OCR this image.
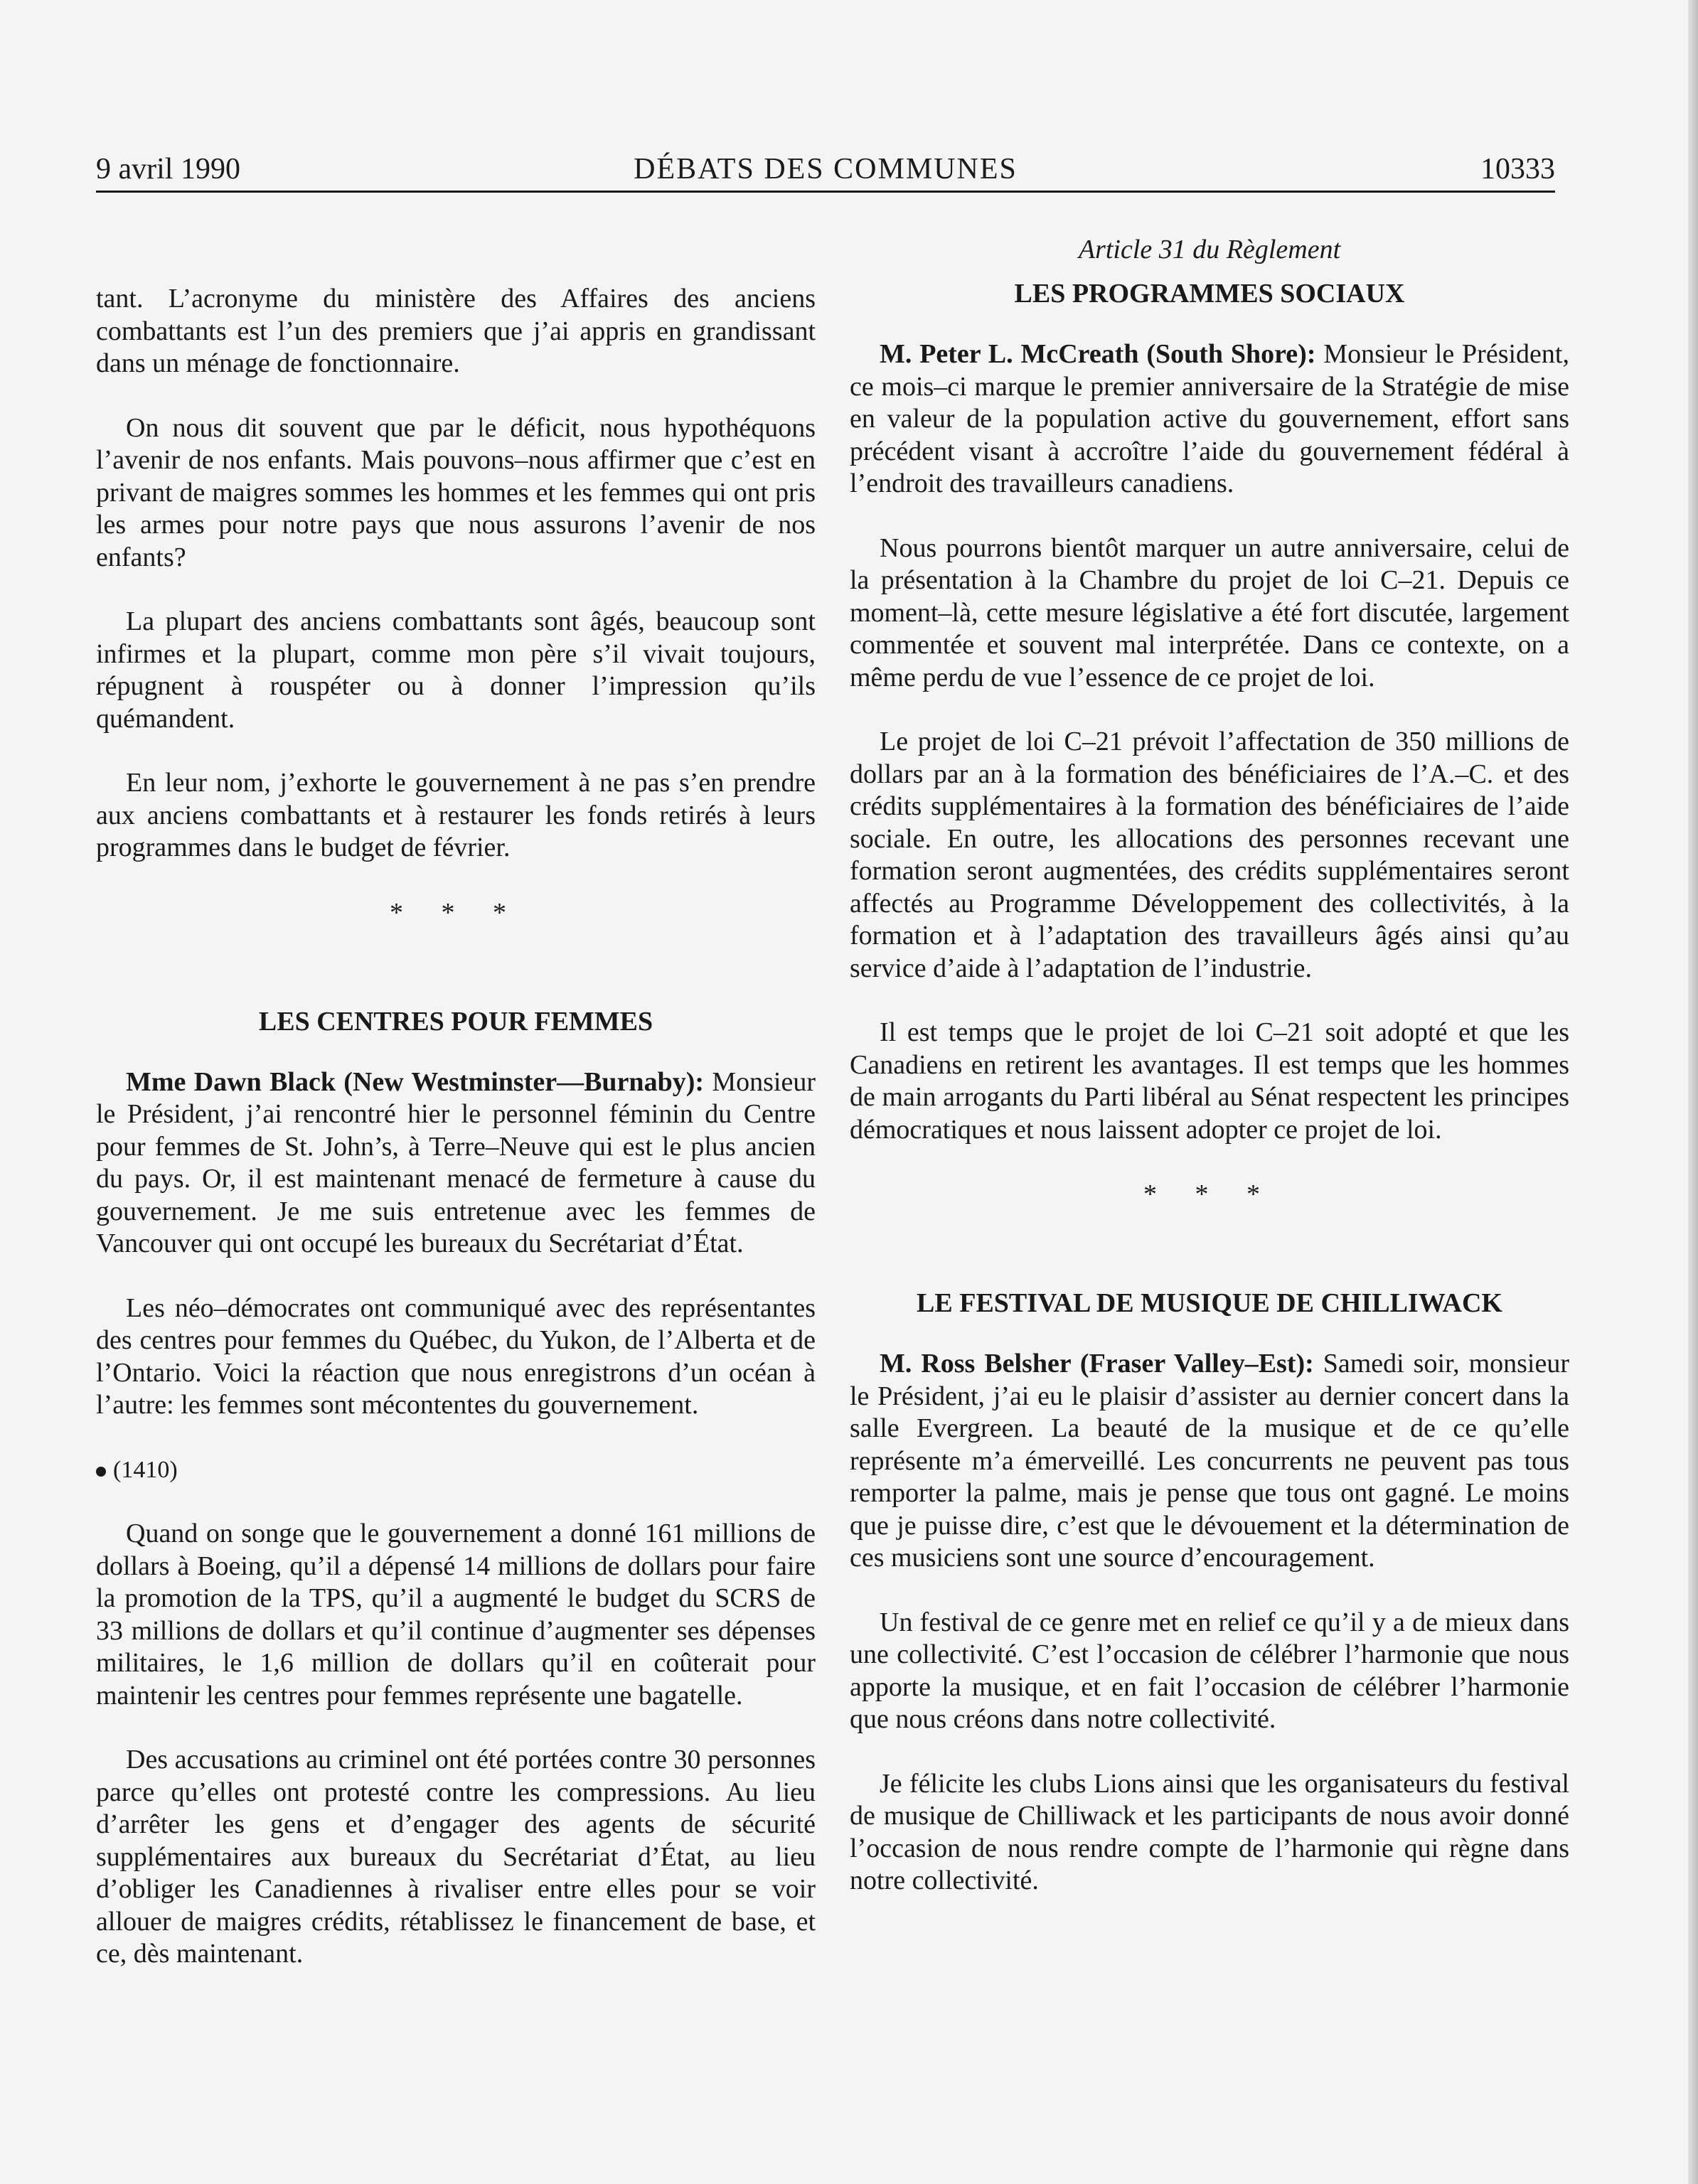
9 avril 1990	DÉBATS DES COMMUNES	10333

tant. L’acronyme du ministère des Affaires des anciens combattants est l’un des premiers que j’ai appris en grandissant dans un ménage de fonctionnaire.

On nous dit souvent que par le déficit, nous hypothéquons l’avenir de nos enfants. Mais pouvons–nous affirmer que c’est en privant de maigres sommes les hommes et les femmes qui ont pris les armes pour notre pays que nous assurons l’avenir de nos enfants?

La plupart des anciens combattants sont âgés, beaucoup sont infirmes et la plupart, comme mon père s’il vivait toujours, répugnent à rouspéter ou à donner l’impression qu’ils quémandent.

En leur nom, j’exhorte le gouvernement à ne pas s’en prendre aux anciens combattants et à restaurer les fonds retirés à leurs programmes dans le budget de février.

* * *
LES CENTRES POUR FEMMES

Mme Dawn Black (New Westminster—Burnaby): Monsieur le Président, j’ai rencontré hier le personnel féminin du Centre pour femmes de St. John’s, à Terre–Neuve qui est le plus ancien du pays. Or, il est maintenant menacé de fermeture à cause du gouvernement. Je me suis entretenue avec les femmes de Vancouver qui ont occupé les bureaux du Secrétariat d’État.

Les néo–démocrates ont communiqué avec des représentantes des centres pour femmes du Québec, du Yukon, de l’Alberta et de l’Ontario. Voici la réaction que nous enregistrons d’un océan à l’autre: les femmes sont mécontentes du gouvernement.

(1410)

Quand on songe que le gouvernement a donné 161 millions de dollars à Boeing, qu’il a dépensé 14 millions de dollars pour faire la promotion de la TPS, qu’il a augmenté le budget du SCRS de 33 millions de dollars et qu’il continue d’augmenter ses dépenses militaires, le 1,6 million de dollars qu’il en coûterait pour maintenir les centres pour femmes représente une bagatelle.

Des accusations au criminel ont été portées contre 30 personnes parce qu’elles ont protesté contre les compressions. Au lieu d’arrêter les gens et d’engager des agents de sécurité supplémentaires aux bureaux du Secrétariat d’État, au lieu d’obliger les Canadiennes à rivaliser entre elles pour se voir allouer de maigres crédits, rétablissez le financement de base, et ce, dès maintenant.

Article 31 du Règlement
LES PROGRAMMES SOCIAUX

M. Peter L. McCreath (South Shore): Monsieur le Président, ce mois–ci marque le premier anniversaire de la Stratégie de mise en valeur de la population active du gouvernement, effort sans précédent visant à accroître l’aide du gouvernement fédéral à l’endroit des travailleurs canadiens.

Nous pourrons bientôt marquer un autre anniversaire, celui de la présentation à la Chambre du projet de loi C–21. Depuis ce moment–là, cette mesure législative a été fort discutée, largement commentée et souvent mal interprétée. Dans ce contexte, on a même perdu de vue l’essence de ce projet de loi.

Le projet de loi C–21 prévoit l’affectation de 350 millions de dollars par an à la formation des bénéficiaires de l’A.–C. et des crédits supplémentaires à la formation des bénéficiaires de l’aide sociale. En outre, les allocations des personnes recevant une formation seront augmentées, des crédits supplémentaires seront affectés au Programme Développement des collectivités, à la formation et à l’adaptation des travailleurs âgés ainsi qu’au service d’aide à l’adaptation de l’industrie.

Il est temps que le projet de loi C–21 soit adopté et que les Canadiens en retirent les avantages. Il est temps que les hommes de main arrogants du Parti libéral au Sénat respectent les principes démocratiques et nous laissent adopter ce projet de loi.

* * *
LE FESTIVAL DE MUSIQUE DE CHILLIWACK

M. Ross Belsher (Fraser Valley–Est): Samedi soir, monsieur le Président, j’ai eu le plaisir d’assister au dernier concert dans la salle Evergreen. La beauté de la musique et de ce qu’elle représente m’a émerveillé. Les concurrents ne peuvent pas tous remporter la palme, mais je pense que tous ont gagné. Le moins que je puisse dire, c’est que le dévouement et la détermination de ces musiciens sont une source d’encouragement.

Un festival de ce genre met en relief ce qu’il y a de mieux dans une collectivité. C’est l’occasion de célébrer l’harmonie que nous apporte la musique, et en fait l’occasion de célébrer l’harmonie que nous créons dans notre collectivité.

Je félicite les clubs Lions ainsi que les organisateurs du festival de musique de Chilliwack et les participants de nous avoir donné l’occasion de nous rendre compte de l’harmonie qui règne dans notre collectivité.
